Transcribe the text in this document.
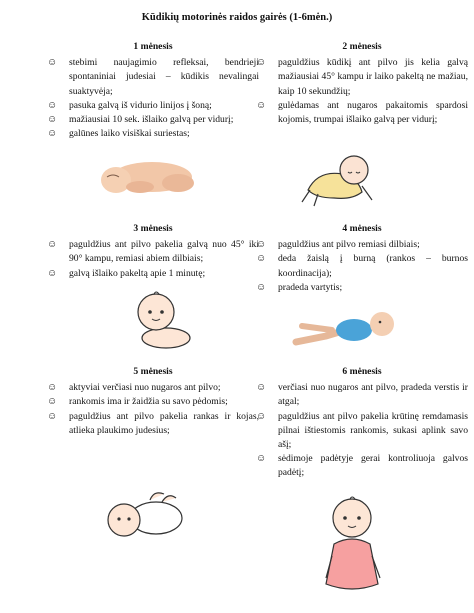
Kūdikių motorinės raidos gairės (1-6mėn.)
1 mėnesis
☺ stebimi naujagimio refleksai, bendrieji spontaniniai judesiai – kūdikis nevalingai suaktyvėja;
☺ pasuka galvą iš vidurio linijos į šoną;
☺ mažiausiai 10 sek. išlaiko galvą per vidurį;
☺ galūnes laiko visiškai suriestas;
2 mėnesis
☺ paguldžius kūdikį ant pilvo jis kelia galvą mažiausiai 45° kampu ir laiko pakeltą ne mažiau, kaip 10 sekundžių;
☺ gulėdamas ant nugaros pakaitomis spardosi kojomis, trumpai išlaiko galvą per vidurį;
3 mėnesis
☺ paguldžius ant pilvo pakelia galvą nuo 45° iki 90° kampu, remiasi abiem dilbiais;
☺ galvą išlaiko pakeltą apie 1 minutę;
4 mėnesis
☺ paguldžius ant pilvo remiasi dilbiais;
☺ deda žaislą į burną (rankos – burnos koordinacija);
☺ pradeda vartytis;
5 mėnesis
☺ aktyviai verčiasi nuo nugaros ant pilvo;
☺ rankomis ima ir žaidžia su savo pėdomis;
☺ paguldžius ant pilvo pakelia rankas ir kojas, atlieka plaukimo judesius;
6 mėnesis
☺ verčiasi nuo nugaros ant pilvo, pradeda verstis ir atgal;
☺ paguldžius ant pilvo pakelia krūtinę remdamasis pilnai ištiestomis rankomis, sukasi aplink savo ašį;
☺ sėdimoje padėtyje gerai kontroliuoja galvos padėtį;
